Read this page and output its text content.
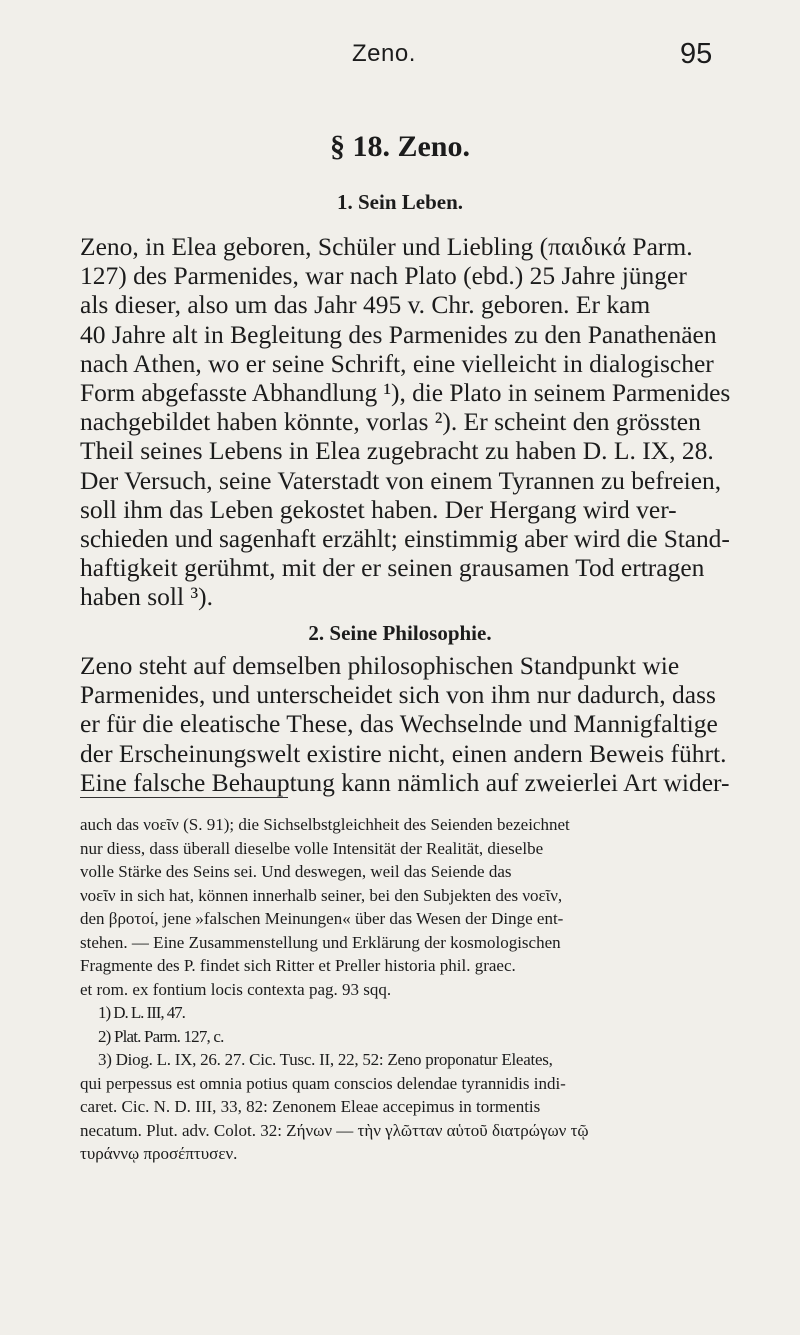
Zeno.	95
§ 18. Zeno.
1. Sein Leben.
Zeno, in Elea geboren, Schüler und Liebling (παιδικά Parm.
127) des Parmenides, war nach Plato (ebd.) 25 Jahre jünger
als dieser, also um das Jahr 495 v. Chr. geboren. Er kam
40 Jahre alt in Begleitung des Parmenides zu den Panathenäen
nach Athen, wo er seine Schrift, eine vielleicht in dialogischer
Form abgefasste Abhandlung ¹), die Plato in seinem Parmenides
nachgebildet haben könnte, vorlas ²). Er scheint den grössten
Theil seines Lebens in Elea zugebracht zu haben D. L. IX, 28.
Der Versuch, seine Vaterstadt von einem Tyrannen zu befreien,
soll ihm das Leben gekostet haben. Der Hergang wird ver-
schieden und sagenhaft erzählt; einstimmig aber wird die Stand-
haftigkeit gerühmt, mit der er seinen grausamen Tod ertragen
haben soll ³).
2. Seine Philosophie.
Zeno steht auf demselben philosophischen Standpunkt wie
Parmenides, und unterscheidet sich von ihm nur dadurch, dass
er für die eleatische These, das Wechselnde und Mannigfaltige
der Erscheinungswelt existire nicht, einen andern Beweis führt.
Eine falsche Behauptung kann nämlich auf zweierlei Art wider-
auch das νοεῖν (S. 91); die Sichselbstgleichheit des Seienden bezeichnet
nur diess, dass überall dieselbe volle Intensität der Realität, dieselbe
volle Stärke des Seins sei. Und deswegen, weil das Seiende das
νοεῖν in sich hat, können innerhalb seiner, bei den Subjekten des νοεῖν,
den βροτοί, jene »falschen Meinungen« über das Wesen der Dinge ent-
stehen. — Eine Zusammenstellung und Erklärung der kosmologischen
Fragmente des P. findet sich Ritter et Preller historia phil. graec.
et rom. ex fontium locis contexta pag. 93 sqq.
1) D. L. III, 47.
2) Plat. Parm. 127, c.
3) Diog. L. IX, 26. 27. Cic. Tusc. II, 22, 52: Zeno proponatur Eleates,
qui perpessus est omnia potius quam conscios delendae tyrannidis indi-
caret. Cic. N. D. III, 33, 82: Zenonem Eleae accepimus in tormentis
necatum. Plut. adv. Colot. 32: Ζήνων — τὴν γλῶτταν αὑτοῦ διατρώγων τῷ
τυράννῳ προσέπτυσεν.
